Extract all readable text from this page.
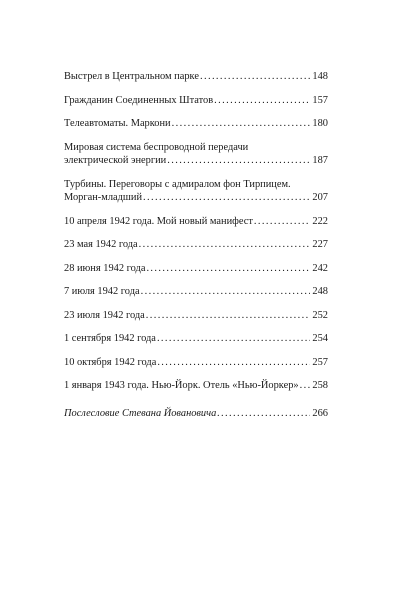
Выстрел в Центральном парке . . .	148
Гражданин Соединенных Штатов . . .	157
Телеавтоматы. Маркони . . .	180
Мировая система беспроводной передачи
электрической энергии . . .	187
Турбины. Переговоры с адмиралом фон Тирпицем.
Морган-младший . . .	207
10 апреля 1942 года. Мой новый манифест . . .	222
23 мая 1942 года . . .	227
28 июня 1942 года . . .	242
7 июля 1942 года . . .	248
23 июля 1942 года . . .	252
1 сентября 1942 года . . .	254
10 октября 1942 года . . .	257
1 января 1943 года. Нью-Йорк. Отель «Нью-Йоркер» . . . 258
Послесловие Стевана Йовановича . . .	266
